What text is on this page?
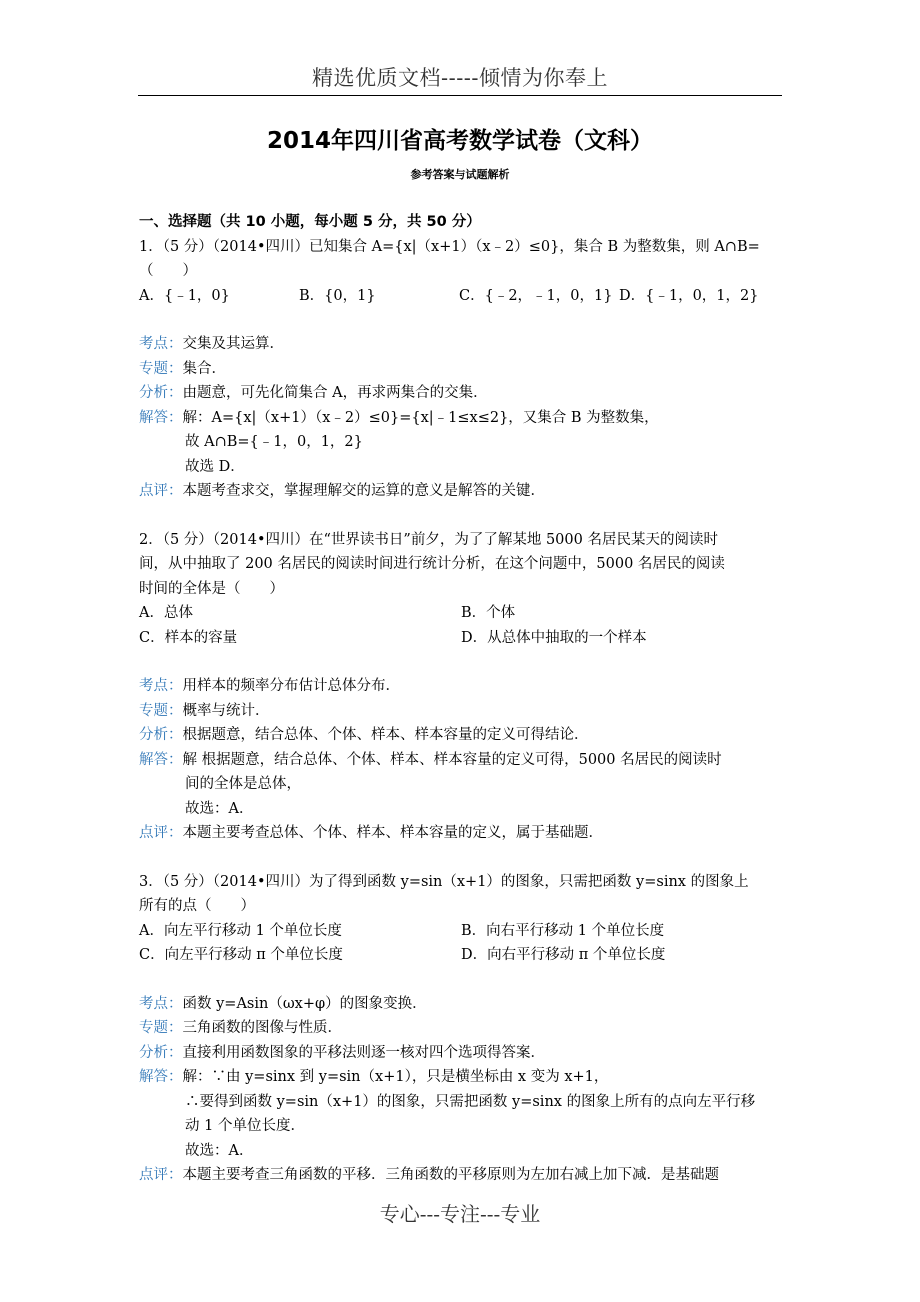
精选优质文档-----倾情为你奉上
2014年四川省高考数学试卷（文科）
参考答案与试题解析
一、选择题（共 10 小题，每小题 5 分，共 50 分）
1．（5 分）（2014•四川）已知集合 A={x|（x+1）（x﹣2）≤0}，集合 B 为整数集，则 A∩B=
（　　）
A．{﹣1，0}	B．{0，1}	C．{﹣2，﹣1，0，1} D．{﹣1，0，1，2}
考点：交集及其运算．
专题：集合．
分析：由题意，可先化简集合 A，再求两集合的交集．
解答：解：A={x|（x+1）（x﹣2）≤0}={x|﹣1≤x≤2}，又集合 B 为整数集，
故 A∩B={﹣1，0，1，2}
故选 D．
点评：本题考查求交，掌握理解交的运算的意义是解答的关键．
2．（5 分）（2014•四川）在“世界读书日”前夕，为了了解某地 5000 名居民某天的阅读时
间，从中抽取了 200 名居民的阅读时间进行统计分析，在这个问题中，5000 名居民的阅读
时间的全体是（　　）
A．总体	B．个体
C．样本的容量	D．从总体中抽取的一个样本
考点：用样本的频率分布估计总体分布．
专题：概率与统计．
分析：根据题意，结合总体、个体、样本、样本容量的定义可得结论．
解答：解 根据题意，结合总体、个体、样本、样本容量的定义可得，5000 名居民的阅读时
间的全体是总体，
故选：A．
点评：本题主要考查总体、个体、样本、样本容量的定义，属于基础题．
3．（5 分）（2014•四川）为了得到函数 y=sin（x+1）的图象，只需把函数 y=sinx 的图象上
所有的点（　　）
A．向左平行移动 1 个单位长度	B．向右平行移动 1 个单位长度
C．向左平行移动 π 个单位长度	D．向右平行移动 π 个单位长度
考点：函数 y=Asin（ωx+φ）的图象变换．
专题：三角函数的图像与性质．
分析：直接利用函数图象的平移法则逐一核对四个选项得答案．
解答：解：∵由 y=sinx 到 y=sin（x+1），只是横坐标由 x 变为 x+1，
∴要得到函数 y=sin（x+1）的图象，只需把函数 y=sinx 的图象上所有的点向左平行移
动 1 个单位长度．
故选：A．
点评：本题主要考查三角函数的平移．三角函数的平移原则为左加右减上加下减．是基础题
专心---专注---专业
